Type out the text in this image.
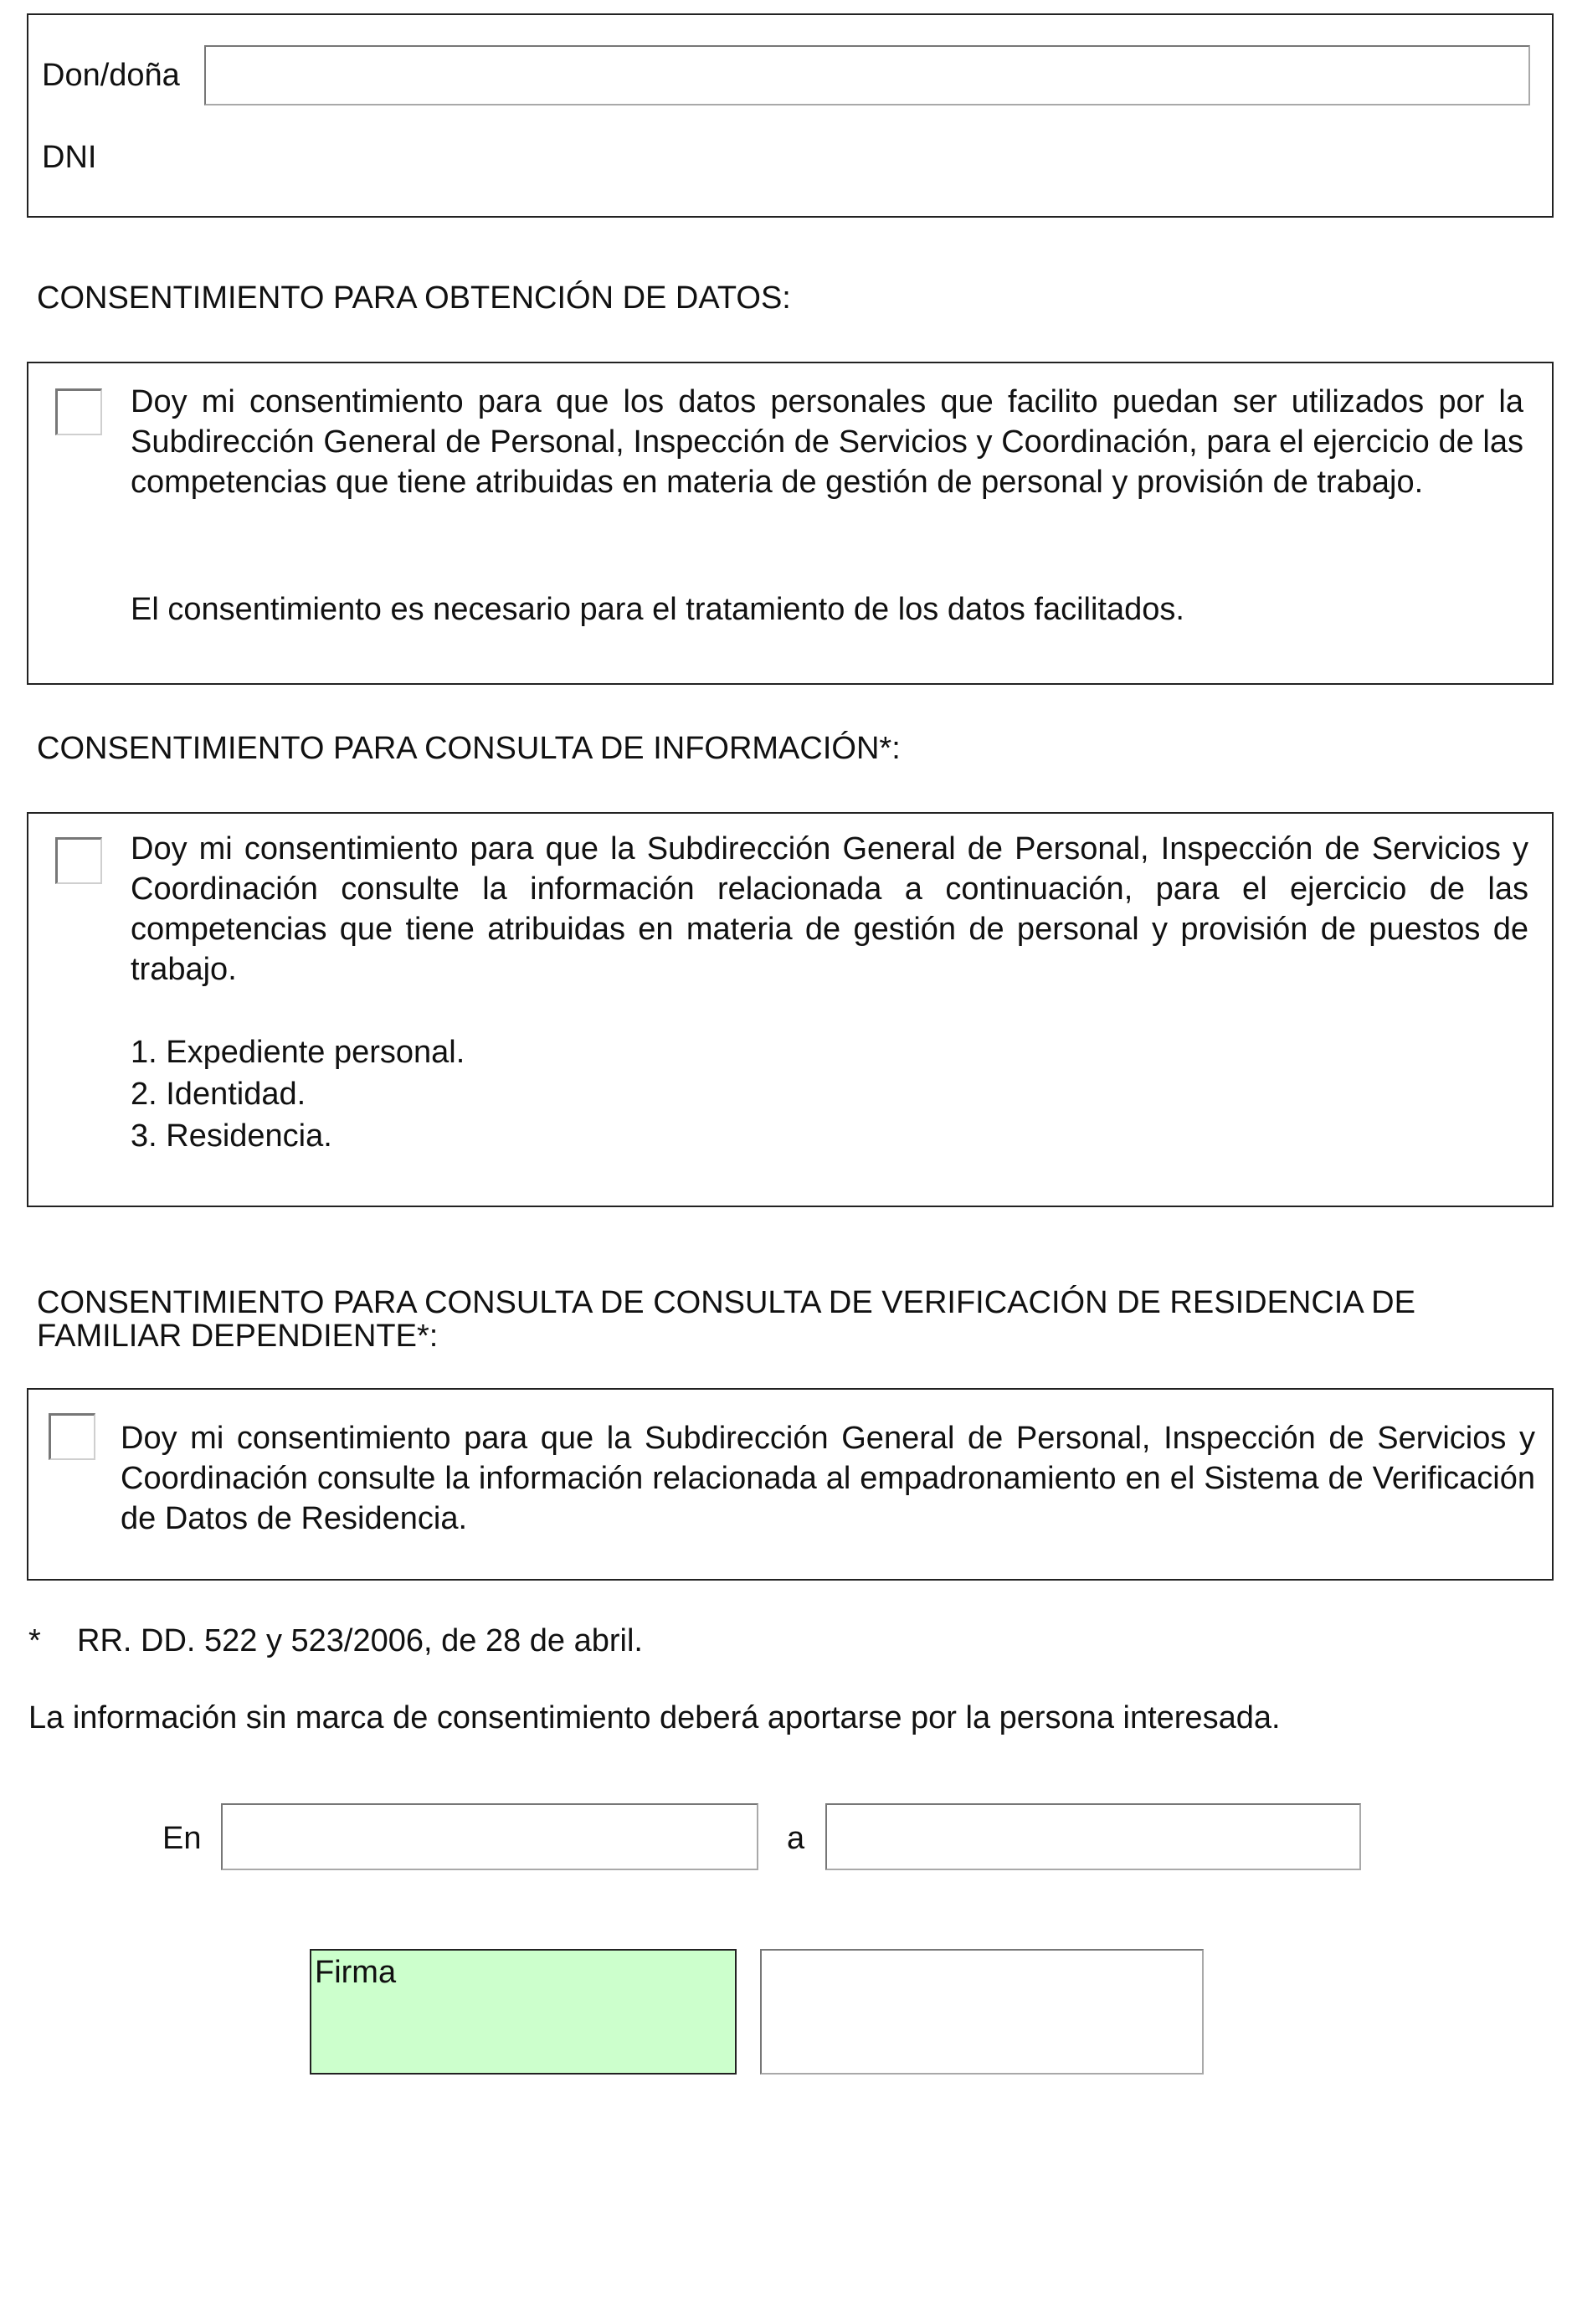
Don/doña
DNI
CONSENTIMIENTO PARA OBTENCIÓN DE DATOS:

Doy mi consentimiento para que los datos personales que facilito puedan ser utilizados por la Subdirección General de Personal, Inspección de Servicios y Coordinación, para el ejercicio de las competencias que tiene atribuidas en materia de gestión de personal y provisión de trabajo.

El consentimiento es necesario para el tratamiento de los datos facilitados.

CONSENTIMIENTO PARA CONSULTA DE INFORMACIÓN*:

Doy mi consentimiento para que la Subdirección General de Personal, Inspección de Servicios y Coordinación consulte la información relacionada a continuación, para el ejercicio de las competencias que tiene atribuidas en materia de gestión de personal y provisión de puestos de trabajo.

1. Expediente personal.
2. Identidad.
3. Residencia.
CONSENTIMIENTO PARA CONSULTA DE CONSULTA DE VERIFICACIÓN DE RESIDENCIA DE
FAMILIAR DEPENDIENTE*:

Doy mi consentimiento para que la Subdirección General de Personal, Inspección de Servicios y Coordinación consulte la información relacionada al empadronamiento en el Sistema de Verificación de Datos de Residencia.

* RR. DD. 522 y 523/2006, de 28 de abril.
La información sin marca de consentimiento deberá aportarse por la persona interesada.
En	a
Firma
